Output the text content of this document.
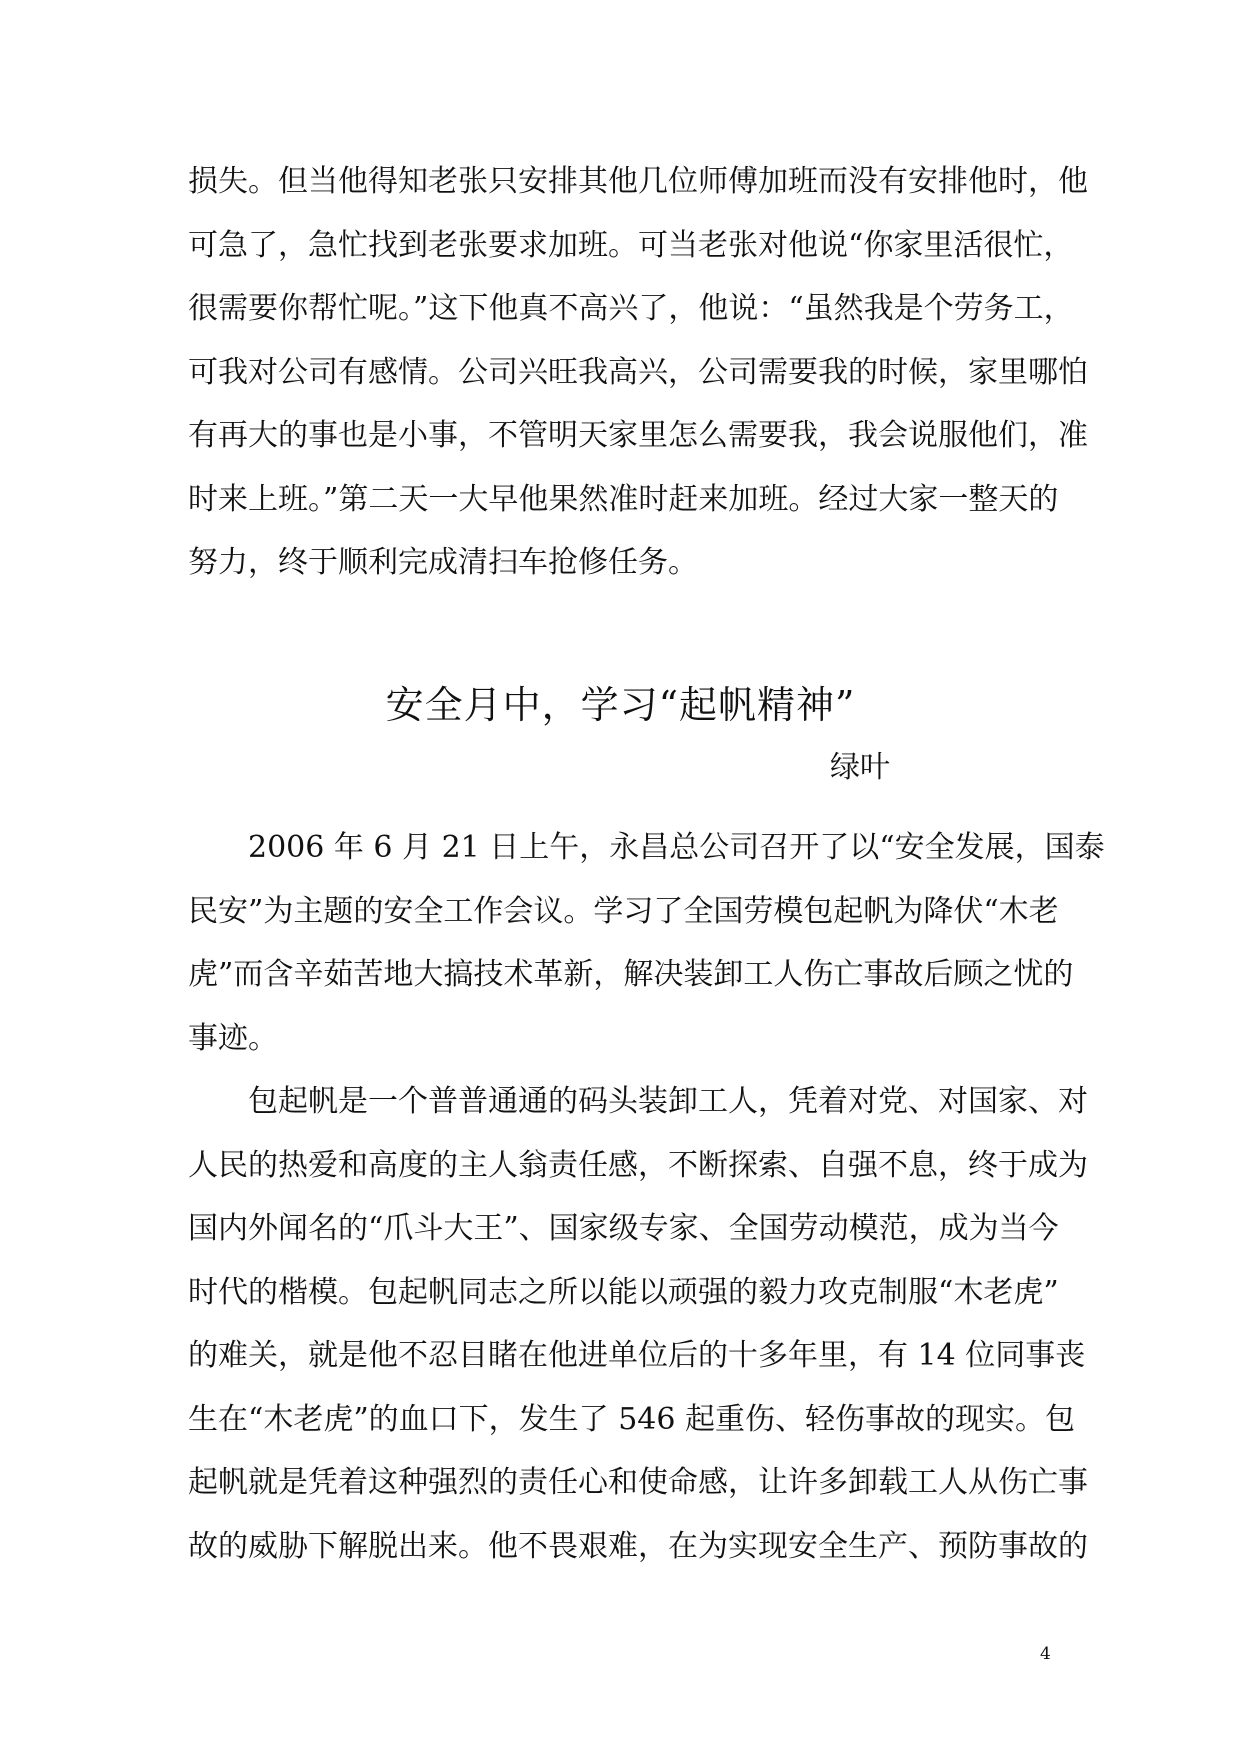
损失。但当他得知老张只安排其他几位师傅加班而没有安排他时，他
可急了，急忙找到老张要求加班。可当老张对他说“你家里活很忙，
很需要你帮忙呢。”这下他真不高兴了，他说：“虽然我是个劳务工，
可我对公司有感情。公司兴旺我高兴，公司需要我的时候，家里哪怕
有再大的事也是小事，不管明天家里怎么需要我，我会说服他们，准
时来上班。”第二天一大早他果然准时赶来加班。经过大家一整天的
努力，终于顺利完成清扫车抢修任务。
安全月中，学习“起帆精神”
绿叶
2006 年 6 月 21 日上午，永昌总公司召开了以“安全发展，国泰
民安”为主题的安全工作会议。学习了全国劳模包起帆为降伏“木老
虎”而含辛茹苦地大搞技术革新，解决装卸工人伤亡事故后顾之忧的
事迹。
包起帆是一个普普通通的码头装卸工人，凭着对党、对国家、对
人民的热爱和高度的主人翁责任感，不断探索、自强不息，终于成为
国内外闻名的“爪斗大王”、国家级专家、全国劳动模范，成为当今
时代的楷模。包起帆同志之所以能以顽强的毅力攻克制服“木老虎”
的难关，就是他不忍目睹在他进单位后的十多年里，有 14 位同事丧
生在“木老虎”的血口下，发生了 546 起重伤、轻伤事故的现实。包
起帆就是凭着这种强烈的责任心和使命感，让许多卸载工人从伤亡事
故的威胁下解脱出来。他不畏艰难，在为实现安全生产、预防事故的
4
